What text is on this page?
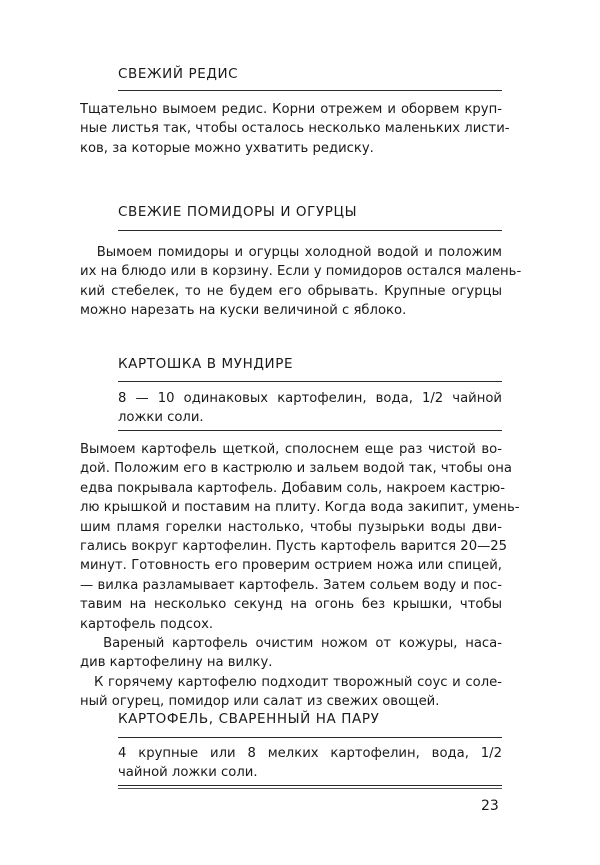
СВЕЖИЙ РЕДИС
Тщательно вымоем редис. Корни отрежем и оборвем круп-
ные листья так, чтобы осталось несколько маленьких листи-
ков, за которые можно ухватить редиску.
СВЕЖИЕ ПОМИДОРЫ И ОГУРЦЫ
Вымоем помидоры и огурцы холодной водой и положим
их на блюдо или в корзину. Если у помидоров остался малень-
кий стебелек, то не будем его обрывать. Крупные огурцы
можно нарезать на куски величиной с яблоко.
КАРТОШКА В МУНДИРЕ
8 — 10 одинаковых картофелин, вода, 1/2 чайной
ложки соли.
Вымоем картофель щеткой, сполоснем еще раз чистой во-
дой. Положим его в кастрюлю и зальем водой так, чтобы она
едва покрывала картофель. Добавим соль, накроем кастрю-
лю крышкой и поставим на плиту. Когда вода закипит, умень-
шим пламя горелки настолько, чтобы пузырьки воды дви-
гались вокруг картофелин. Пусть картофель варится 20—25
минут. Готовность его проверим острием ножа или спицей,
— вилка разламывает картофель. Затем сольем воду и пос-
тавим на несколько секунд на огонь без крышки, чтобы
картофель подсох.
Вареный картофель очистим ножом от кожуры, насa-
див картофелину на вилку.
К горячему картофелю подходит творожный соус и соле-
ный огурец, помидор или салат из свежих овощей.
КАРТОФЕЛЬ, СВАРЕННЫЙ НА ПАРУ
4 крупные или 8 мелких картофелин, вода, 1/2
чайной ложки соли.
23
